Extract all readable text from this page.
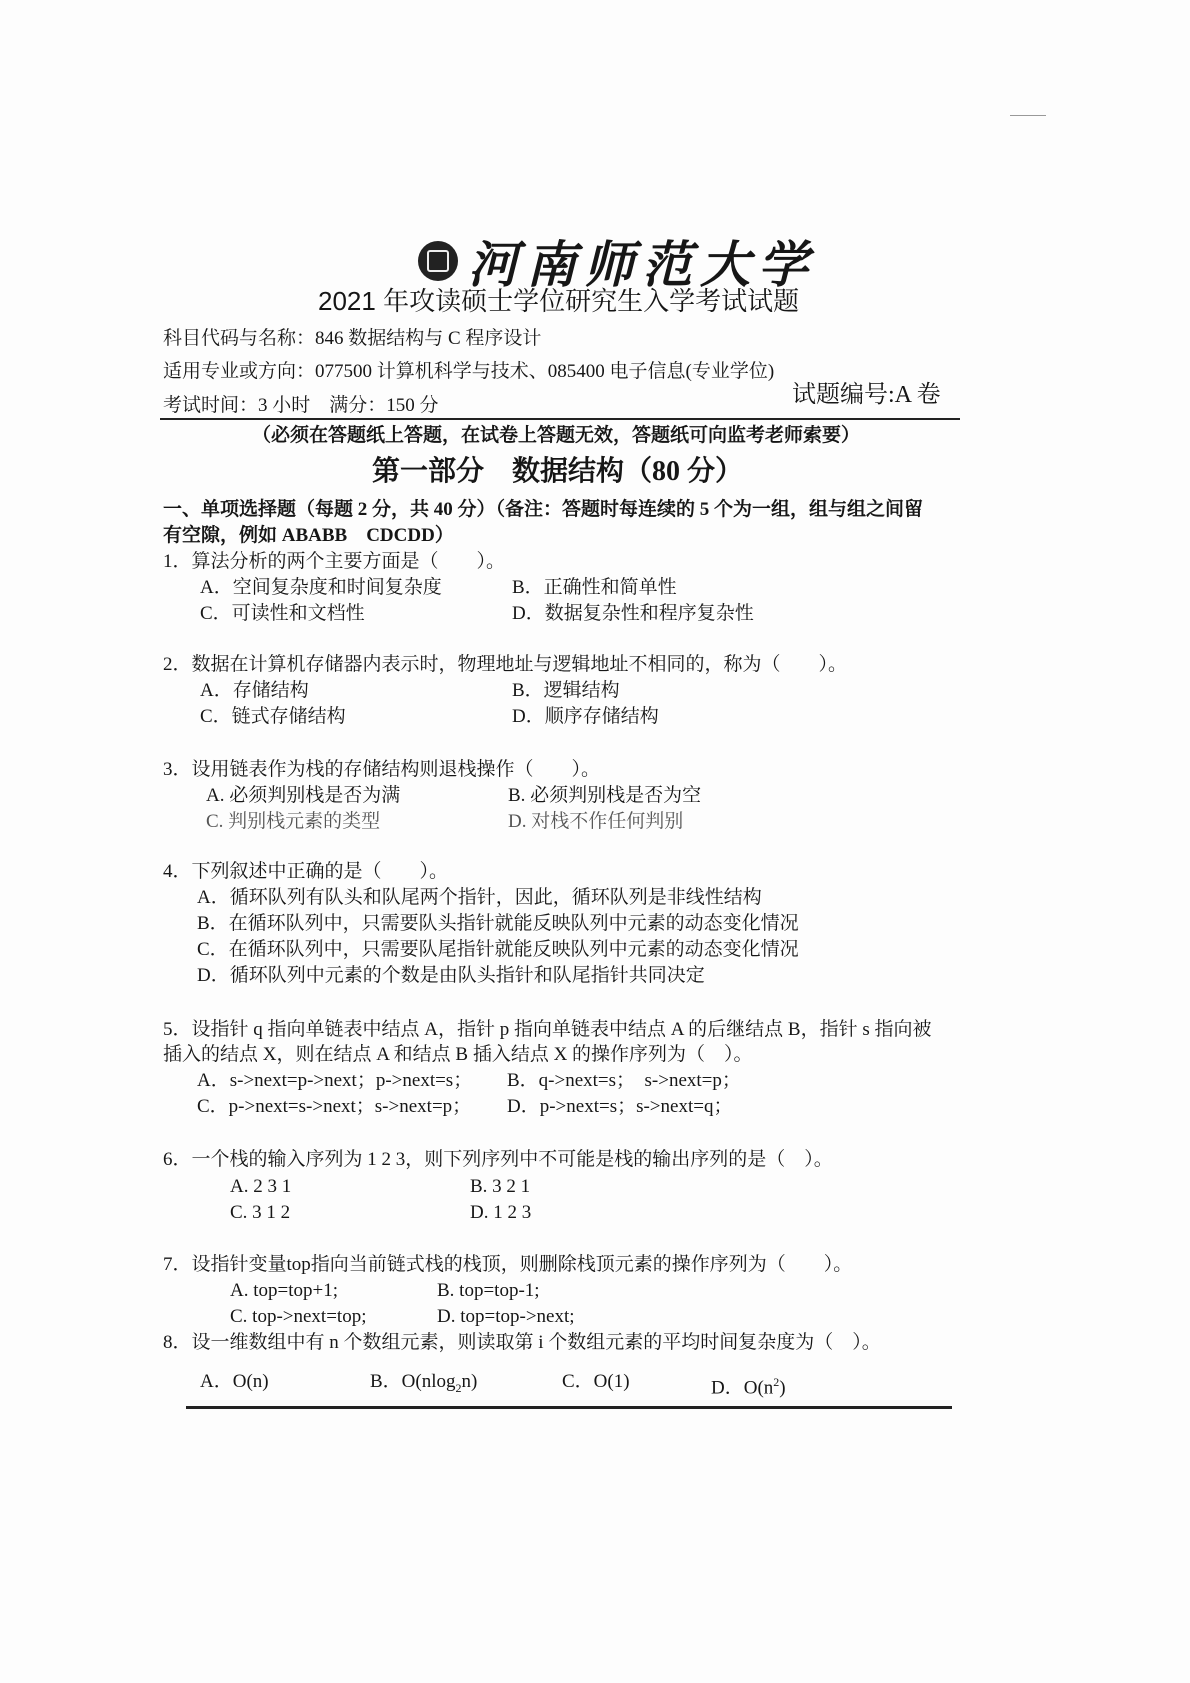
河南师范大学
2021 年攻读硕士学位研究生入学考试试题
科目代码与名称：846 数据结构与 C 程序设计
适用专业或方向：077500 计算机科学与技术、085400 电子信息(专业学位)
考试时间：3 小时　满分：150 分	试题编号:A 卷
（必须在答题纸上答题，在试卷上答题无效，答题纸可向监考老师索要）
第一部分　数据结构（80 分）
一、单项选择题（每题 2 分，共 40 分）（备注：答题时每连续的 5 个为一组，组与组之间留
有空隙，例如 ABABB　CDCDD）
1．算法分析的两个主要方面是（　　）。
A．空间复杂度和时间复杂度	B．正确性和简单性
C．可读性和文档性	D．数据复杂性和程序复杂性
2．数据在计算机存储器内表示时，物理地址与逻辑地址不相同的，称为（　　）。
A．存储结构	B．逻辑结构
C．链式存储结构	D．顺序存储结构
3．设用链表作为栈的存储结构则退栈操作（　　）。
A. 必须判别栈是否为满	B. 必须判别栈是否为空
C. 判别栈元素的类型	D. 对栈不作任何判别
4．下列叙述中正确的是（　　）。
A．循环队列有队头和队尾两个指针，因此，循环队列是非线性结构
B．在循环队列中，只需要队头指针就能反映队列中元素的动态变化情况
C．在循环队列中，只需要队尾指针就能反映队列中元素的动态变化情况
D．循环队列中元素的个数是由队头指针和队尾指针共同决定
5．设指针 q 指向单链表中结点 A，指针 p 指向单链表中结点 A 的后继结点 B，指针 s 指向被
插入的结点 X，则在结点 A 和结点 B 插入结点 X 的操作序列为（　）。
A．s->next=p->next；p->next=s； B．q->next=s；　s->next=p；
C．p->next=s->next；s->next=p； D．p->next=s；s->next=q；
6．一个栈的输入序列为 1 2 3，则下列序列中不可能是栈的输出序列的是（　）。
A. 2 3 1	B. 3 2 1
C. 3 1 2	D. 1 2 3
7．设指针变量top指向当前链式栈的栈顶，则删除栈顶元素的操作序列为（　　）。
A. top=top+1;	B. top=top-1;
C. top->next=top;	D. top=top->next;
8．设一维数组中有 n 个数组元素，则读取第 i 个数组元素的平均时间复杂度为（　）。
A．O(n)	B．O(nlog$_2$n)	C．O(1)	D．$O(n^2)$
